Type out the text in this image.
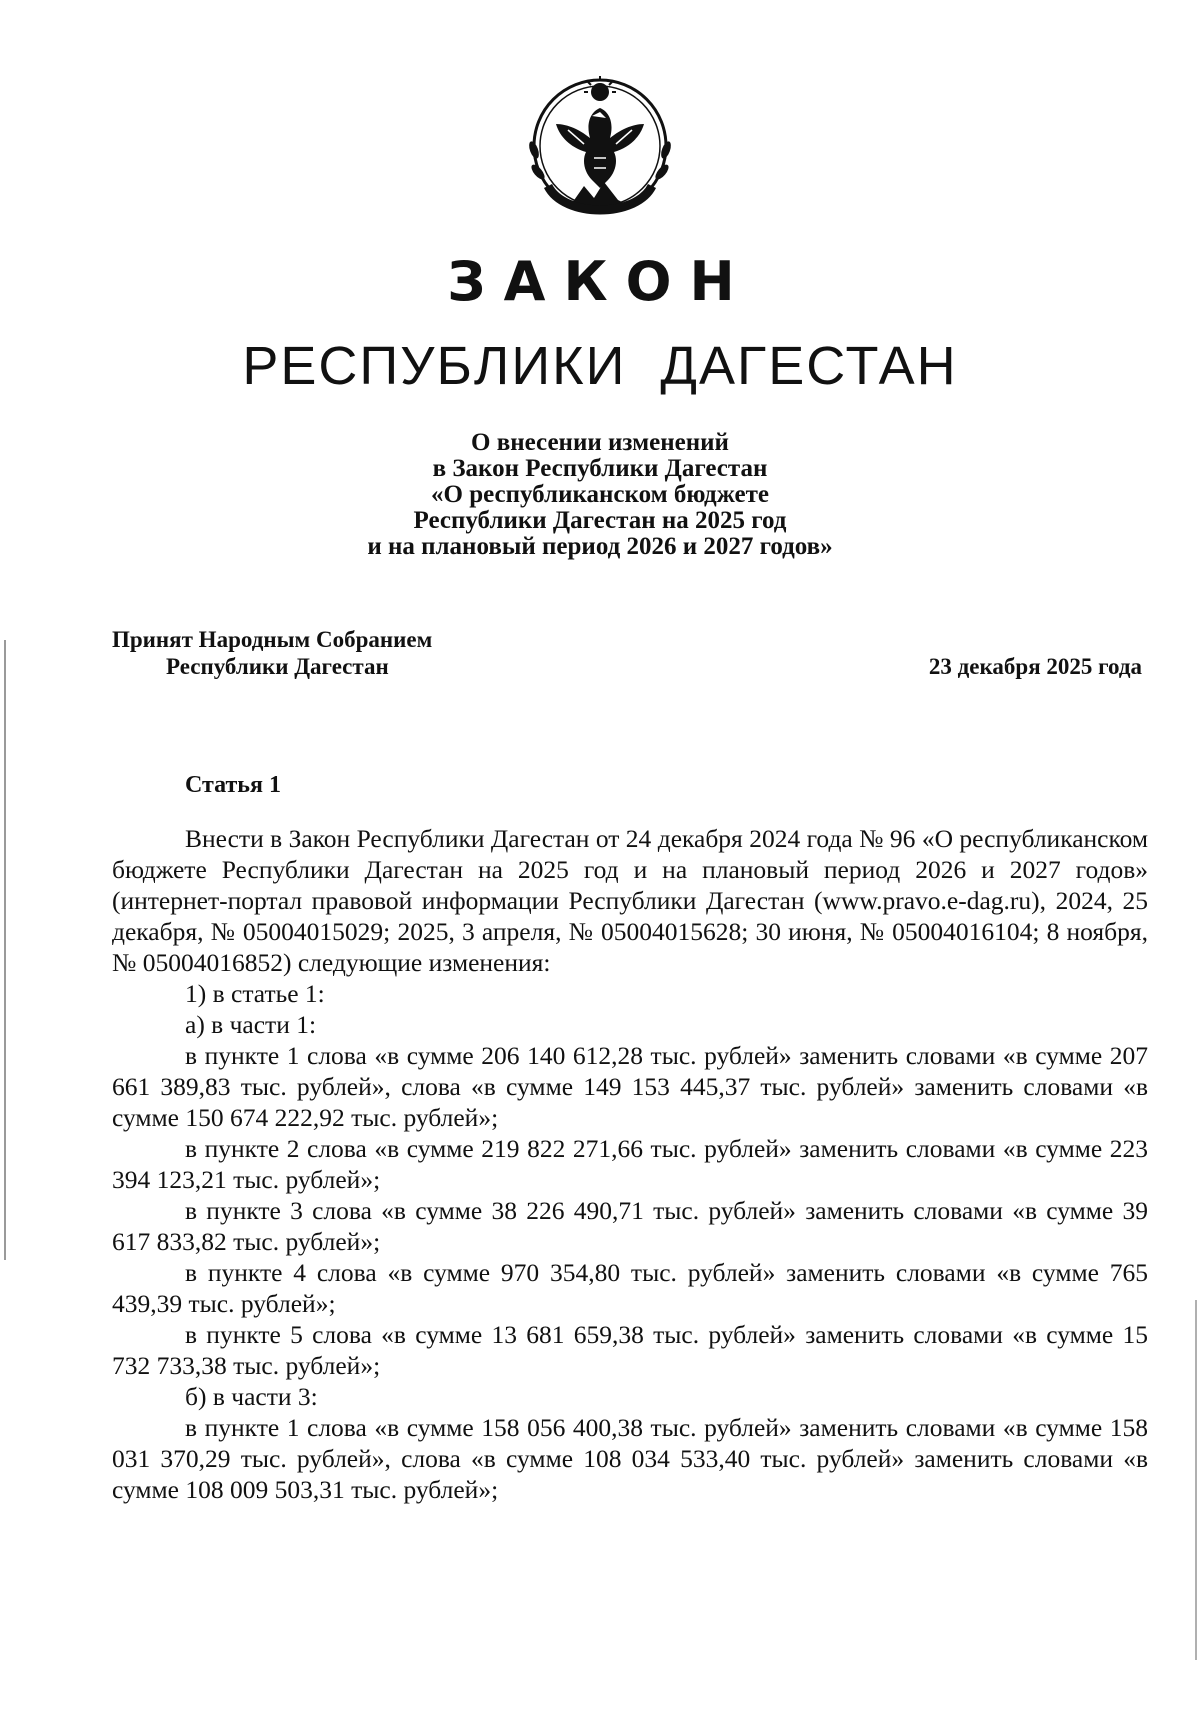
ЗАКОН
РЕСПУБЛИКИ  ДАГЕСТАН
О внесении изменений
в Закон Республики Дагестан
«О республиканском бюджете
Республики Дагестан на 2025 год
и на плановый период 2026 и 2027 годов»
Принят Народным Собранием
Республики Дагестан	23 декабря 2025 года
Статья 1

Внести в Закон Республики Дагестан от 24 декабря 2024 года № 96 «О республиканском бюджете Республики Дагестан на 2025 год и на плановый период 2026 и 2027 годов» (интернет-портал правовой информации Республики Дагестан (www.pravo.e-dag.ru), 2024, 25 декабря, № 05004015029; 2025, 3 апреля, № 05004015628; 30 июня, № 05004016104; 8 ноября, № 05004016852) следующие изменения:

1) в статье 1:

а) в части 1:

в пункте 1 слова «в сумме 206 140 612,28 тыс. рублей» заменить словами «в сумме 207 661 389,83 тыс. рублей», слова «в сумме 149 153 445,37 тыс. рублей» заменить словами «в сумме 150 674 222,92 тыс. рублей»;

в пункте 2 слова «в сумме 219 822 271,66 тыс. рублей» заменить словами «в сумме 223 394 123,21 тыс. рублей»;

в пункте 3 слова «в сумме 38 226 490,71 тыс. рублей» заменить словами «в сумме 39 617 833,82 тыс. рублей»;

в пункте 4 слова «в сумме 970 354,80 тыс. рублей» заменить словами «в сумме 765 439,39 тыс. рублей»;

в пункте 5 слова «в сумме 13 681 659,38 тыс. рублей» заменить словами «в сумме 15 732 733,38 тыс. рублей»;

б) в части 3:

в пункте 1 слова «в сумме 158 056 400,38 тыс. рублей» заменить словами «в сумме 158 031 370,29 тыс. рублей», слова «в сумме 108 034 533,40 тыс. рублей» заменить словами «в сумме 108 009 503,31 тыс. рублей»;
